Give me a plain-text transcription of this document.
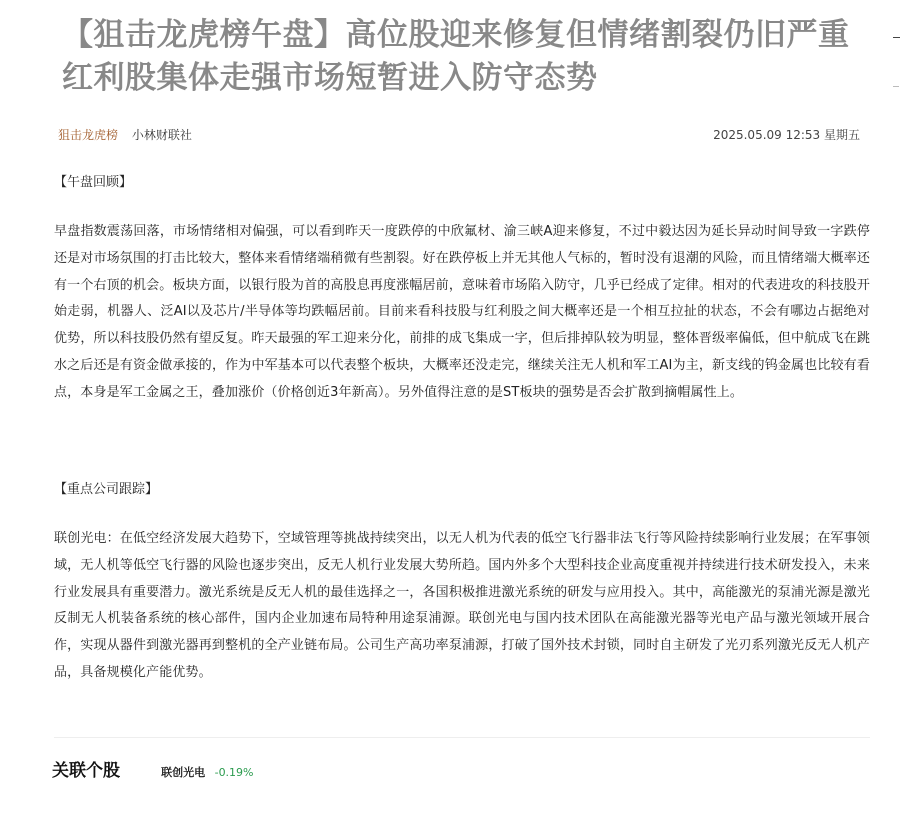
【狙击龙虎榜午盘】高位股迎来修复但情绪割裂仍旧严重 红利股集体走强市场短暂进入防守态势
狙击龙虎榜 小林财联社	2025.05.09 12:53 星期五
【午盘回顾】

早盘指数震荡回落，市场情绪相对偏强，可以看到昨天一度跌停的中欣氟材、渝三峡A迎来修复，不过中毅达因为延长异动时间导致一字跌停还是对市场氛围的打击比较大，整体来看情绪端稍微有些割裂。好在跌停板上并无其他人气标的，暂时没有退潮的风险，而且情绪端大概率还有一个右顶的机会。板块方面，以银行股为首的高股息再度涨幅居前，意味着市场陷入防守，几乎已经成了定律。相对的代表进攻的科技股开始走弱，机器人、泛AI以及芯片/半导体等均跌幅居前。目前来看科技股与红利股之间大概率还是一个相互拉扯的状态，不会有哪边占据绝对优势，所以科技股仍然有望反复。昨天最强的军工迎来分化，前排的成飞集成一字，但后排掉队较为明显，整体晋级率偏低，但中航成飞在跳水之后还是有资金做承接的，作为中军基本可以代表整个板块，大概率还没走完，继续关注无人机和军工AI为主，新支线的钨金属也比较有看点，本身是军工金属之王，叠加涨价（价格创近3年新高）。另外值得注意的是ST板块的强势是否会扩散到摘帽属性上。

【重点公司跟踪】

联创光电：在低空经济发展大趋势下，空域管理等挑战持续突出，以无人机为代表的低空飞行器非法飞行等风险持续影响行业发展；在军事领域，无人机等低空飞行器的风险也逐步突出，反无人机行业发展大势所趋。国内外多个大型科技企业高度重视并持续进行技术研发投入，未来行业发展具有重要潜力。激光系统是反无人机的最佳选择之一，各国积极推进激光系统的研发与应用投入。其中，高能激光的泵浦光源是激光反制无人机装备系统的核心部件，国内企业加速布局特种用途泵浦源。联创光电与国内技术团队在高能激光器等光电产品与激光领域开展合作，实现从器件到激光器再到整机的全产业链布局。公司生产高功率泵浦源，打破了国外技术封锁，同时自主研发了光刃系列激光反无人机产品，具备规模化产能优势。

关联个股	联创光电 -0.19%
